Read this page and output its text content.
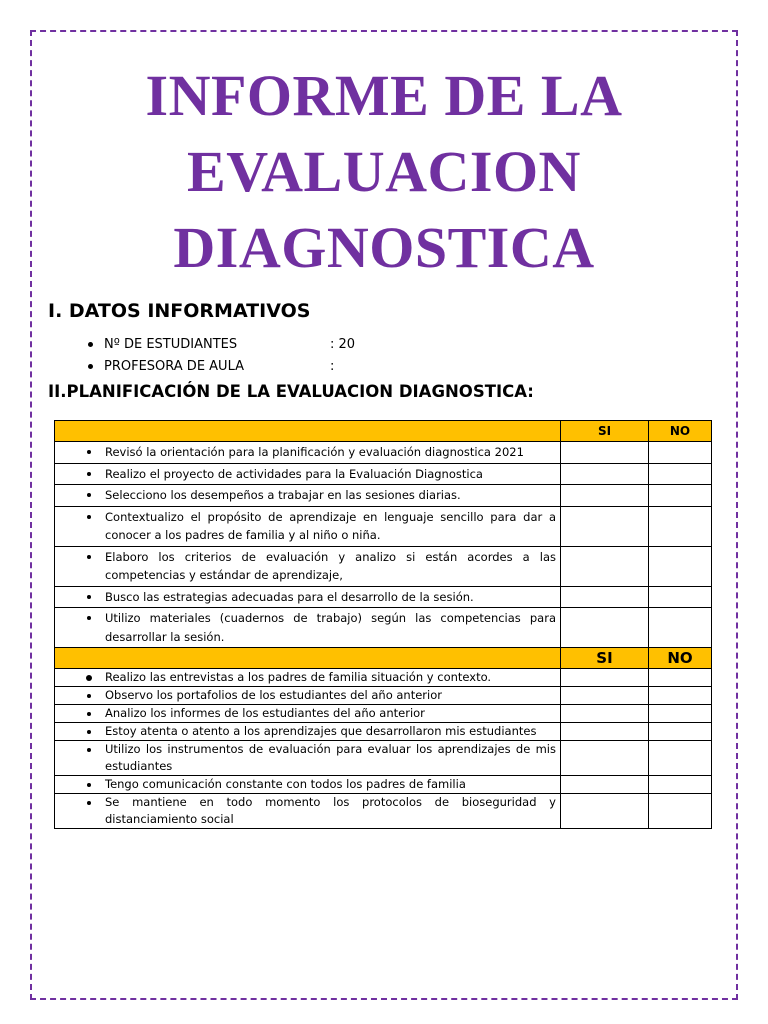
INFORME DE LA
EVALUACION
DIAGNOSTICA
I. DATOS INFORMATIVOS
Nº DE ESTUDIANTES	: 20
PROFESORA DE AULA	:
II.PLANIFICACIÓN DE LA EVALUACION DIAGNOSTICA:
	SI	NO

Revisó la orientación para la planificación y evaluación diagnostica 2021		

Realizo el proyecto de actividades para la Evaluación Diagnostica		

Selecciono los desempeños a trabajar en las sesiones diarias.		

Contextualizo el propósito de aprendizaje en lenguaje sencillo para dar a conocer a los padres de familia y al niño o niña.		

Elaboro los criterios de evaluación y analizo si están acordes a las competencias y estándar de aprendizaje,		

Busco las estrategias adecuadas para el desarrollo de la sesión.		

Utilizo materiales (cuadernos de trabajo) según las competencias para desarrollar la sesión.		

	SI	NO

Realizo las entrevistas a los padres de familia situación y contexto.		

Observo los portafolios de los estudiantes del año anterior		

Analizo los informes de los estudiantes del año anterior		

Estoy atenta o atento a los aprendizajes que desarrollaron mis estudiantes		

Utilizo los instrumentos de evaluación para evaluar los aprendizajes de mis estudiantes		

Tengo comunicación constante con todos los padres de familia		

Se mantiene en todo momento los protocolos de bioseguridad y distanciamiento social		
